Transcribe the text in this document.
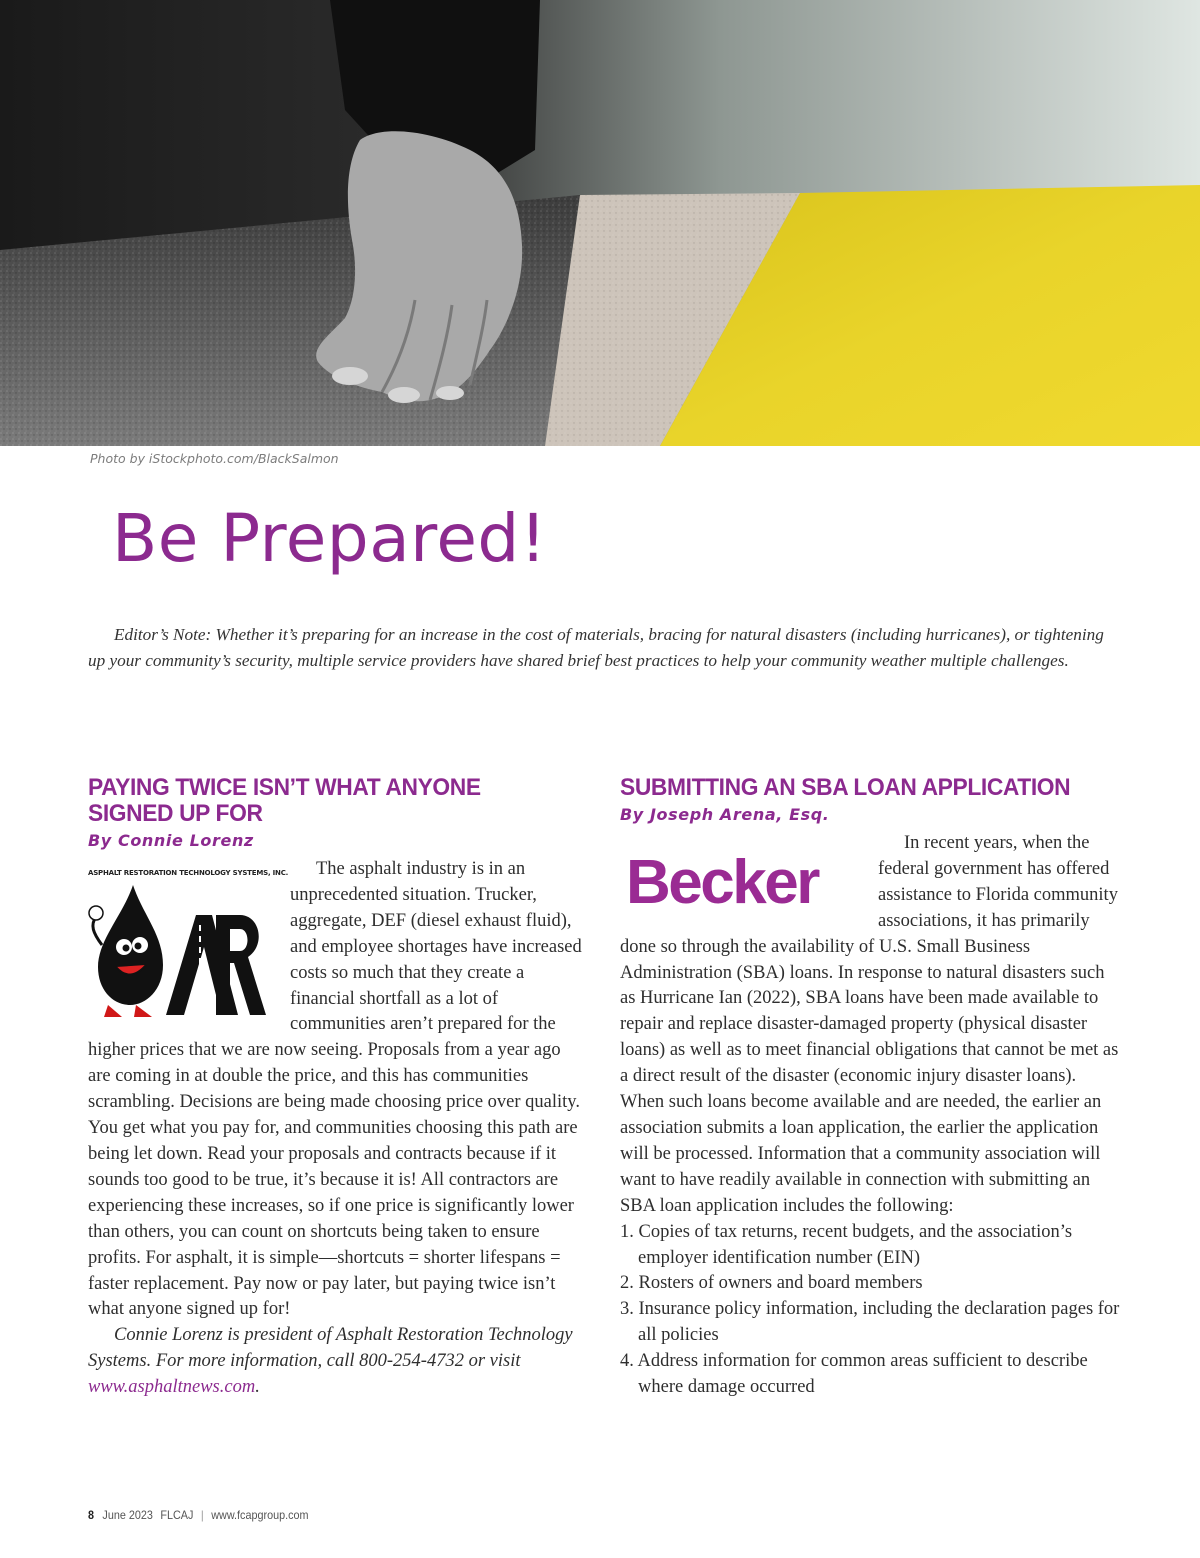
Photo by iStockphoto.com/BlackSalmon
Be Prepared!

Editor’s Note: Whether it’s preparing for an increase in the cost of materials, bracing for natural disasters (including hurricanes), or tightening up your community’s security, multiple service providers have shared brief best practices to help your community weather multiple challenges.

PAYING TWICE ISN’T WHAT ANYONE SIGNED UP FOR
By Connie Lorenz
ASPHALT RESTORATION TECHNOLOGY SYSTEMS, INC.	The asphalt industry is in an unprecedented situation. Trucker, aggregate, DEF (diesel exhaust fluid), and employee shortages have increased costs so much that they create a financial shortfall as a lot of communities aren’t prepared for the higher prices that we are now seeing. Proposals from a year ago are coming in at double the price, and this has communities scrambling. Decisions are being made choosing price over quality. You get what you pay for, and communities choosing this path are being let down. Read your proposals and contracts because if it sounds too good to be true, it’s because it is! All contractors are experiencing these increases, so if one price is significantly lower than others, you can count on shortcuts being taken to ensure profits. For asphalt, it is simple—shortcuts = shorter lifespans = faster replacement. Pay now or pay later, but paying twice isn’t what anyone signed up for!

Connie Lorenz is president of Asphalt Restoration Technology Systems. For more information, call 800-254-4732 or visit www.asphaltnews.com.

SUBMITTING AN SBA LOAN APPLICATION
By Joseph Arena, Esq.
Becker

In recent years, when the federal government has offered assistance to Florida community associations, it has primarily done so through the availability of U.S. Small Business Administration (SBA) loans. In response to natural disasters such as Hurricane Ian (2022), SBA loans have been made available to repair and replace disaster-damaged property (physical disaster loans) as well as to meet financial obligations that cannot be met as a direct result of the disaster (economic injury disaster loans). When such loans become available and are needed, the earlier an association submits a loan application, the earlier the application will be processed. Information that a community association will want to have readily available in connection with submitting an SBA loan application includes the following:

1. Copies of tax returns, recent budgets, and the association’s employer identification number (EIN)
2. Rosters of owners and board members
3. Insurance policy information, including the declaration pages for all policies
4. Address information for common areas sufficient to describe where damage occurred
8 June 2023 FLCAJ | www.fcapgroup.com
